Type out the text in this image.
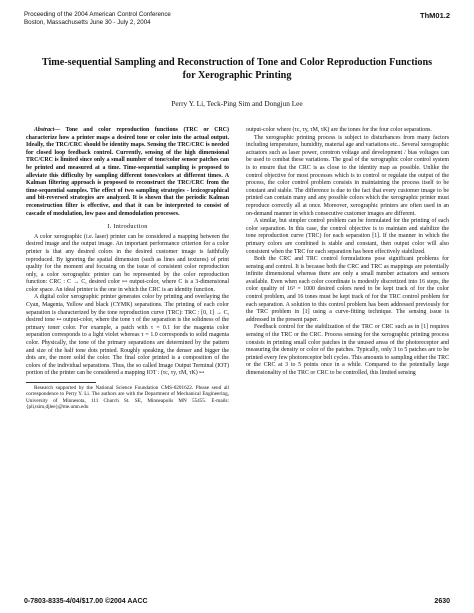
Proceeding of the 2004 American Control Conference
Boston, Massachusetts June 30 - July 2, 2004
ThM01.2
Time-sequential Sampling and Reconstruction of Tone and Color Reproduction Functions for Xerographic Printing
Perry Y. Li, Teck-Ping Sim and Dongjun Lee

Abstract— Tone and color reproduction functions (TRC or CRC) characterize how a printer maps a desired tone or color into the actual output. Ideally, the TRC/CRC should be identity maps. Sensing the TRC/CRC is needed for closed loop feedback control. Currently, sensing of the high dimensional TRC/CRC is limited since only a small number of tone/color sensor patches can be printed and measured at a time. Time-sequential sampling is proposed to alleviate this difficulty by sampling different tones/colors at different times. A Kalman filtering approach is proposed to reconstruct the TRC/CRC from the time-sequential samples. The effect of two sampling strategies - lexicographical and bit-reversed strategies are analyzed. It is shown that the periodic Kalman reconstruction filter is effective, and that it can be interpreted to consist of cascade of modulation, low pass and demodulation processes.

I. Introduction

A color xerographic (i.e. laser) printer can be considered a mapping between the desired image and the output image. An important performance criterion for a color printer is that any desired colors in the desired customer image is faithfully reproduced. By ignoring the spatial dimension (such as lines and textures) of print quality for the moment and focusing on the issue of consistent color reproduction only, a color xerographic printer can be represented by the color reproduction function: CRC : C → C, desired color ↦ output-color, where C is a 3-dimensional color space. An ideal printer is the one in which the CRC is an identity function.

A digital color xerographic printer generates color by printing and overlaying the Cyan, Magenta, Yellow and black (CYMK) separations. The printing of each color separation is characterized by the tone reproduction curve (TRC): TRC : [0, 1] → C, desired tone ↦ output-color, where the tone τ of the separation is the solidness of the primary toner color. For example, a patch with τ = 0.1 for the magenta color separation corresponds to a light violet whereas τ = 1.0 corresponds to solid magenta color. Physically, the tone of the primary separations are determined by the pattern and size of the half tone dots printed. Roughly speaking, the denser and bigger the dots are, the more solid the color. The final color printed is a composition of the colors of the individual separations. Thus, the so called Image Output Terminal (IOT) portion of the printer can be considered a mapping IOT : (τc, τy, τM, τK) ↦

Research supported by the National Science Foundation CMS-0201622. Please send all correspondence to Perry Y. Li. The authors are with the Department of Mechanical Engineering, University of Minnesota, 111 Church St. SE, Minneapolis MN 55455. E-mails: {pli,tsim,djlee}@me.umn.edu

output-color where (τc, τy, τM, τK) are the tones for the four color separations.

The xerographic printing process is subject to disturbances from many factors including temperature, humidity, material age and variations etc.. Several xerographic actuators such as laser power, corotron voltage and development / bias voltages can be used to combat these variations. The goal of the xerographic color control system is to ensure that the CRC is as close to the identity map as possible. Unlike the control objective for most processes which is to control or regulate the output of the process, the color control problem consists in maintaining the process itself to be constant and stable. The difference is due to the fact that every customer image to be printed can contain many and any possible colors which the xerographic printer must reproduce correctly all at once. Moreover, xerographic printers are often used in an on-demand manner in which consecutive customer images are different.

A similar, but simpler control problem can be formulated for the printing of each color separation. In this case, the control objective is to maintain and stabilize the tone reproduction curve (TRC) for each separation [1]. If the manner in which the primary colors are combined is stable and constant, then output color will also consistent when the TRC for each separation has been effectively stabilized.

Both the CRC and TRC control formulations pose significant problems for sensing and control. It is because both the CRC and TRC as mappings are potentially infinite dimensional whereas there are only a small number actuators and sensors available. Even when each color coordinate is modestly discretized into 16 steps, the color quality of 16³ = 1000 desired colors need to be kept track of for the color control problem, and 16 tones must be kept track of for the TRC control problem for each separation. A solution to this control problem has been addressed previously for the TRC problem in [1] using a curve-fitting technique. The sensing issue is addressed in the present paper.

Feedback control for the stabilization of the TRC or CRC such as in [1] requires sensing of the TRC or the CRC. Process sensing for the xerographic printing process consists in printing small color patches in the unused areas of the photoreceptor and measuring the density or color of the patches. Typically, only 3 to 5 patches are to be printed every few photoreceptor belt cycles. This amounts to sampling either the TRC or the CRC at 3 to 5 points once in a while. Compared to the potentially large dimensionality of the TRC or CRC to be controlled, this limited sensing

0-7803-8335-4/04/$17.00 ©2004 AACC	2630
